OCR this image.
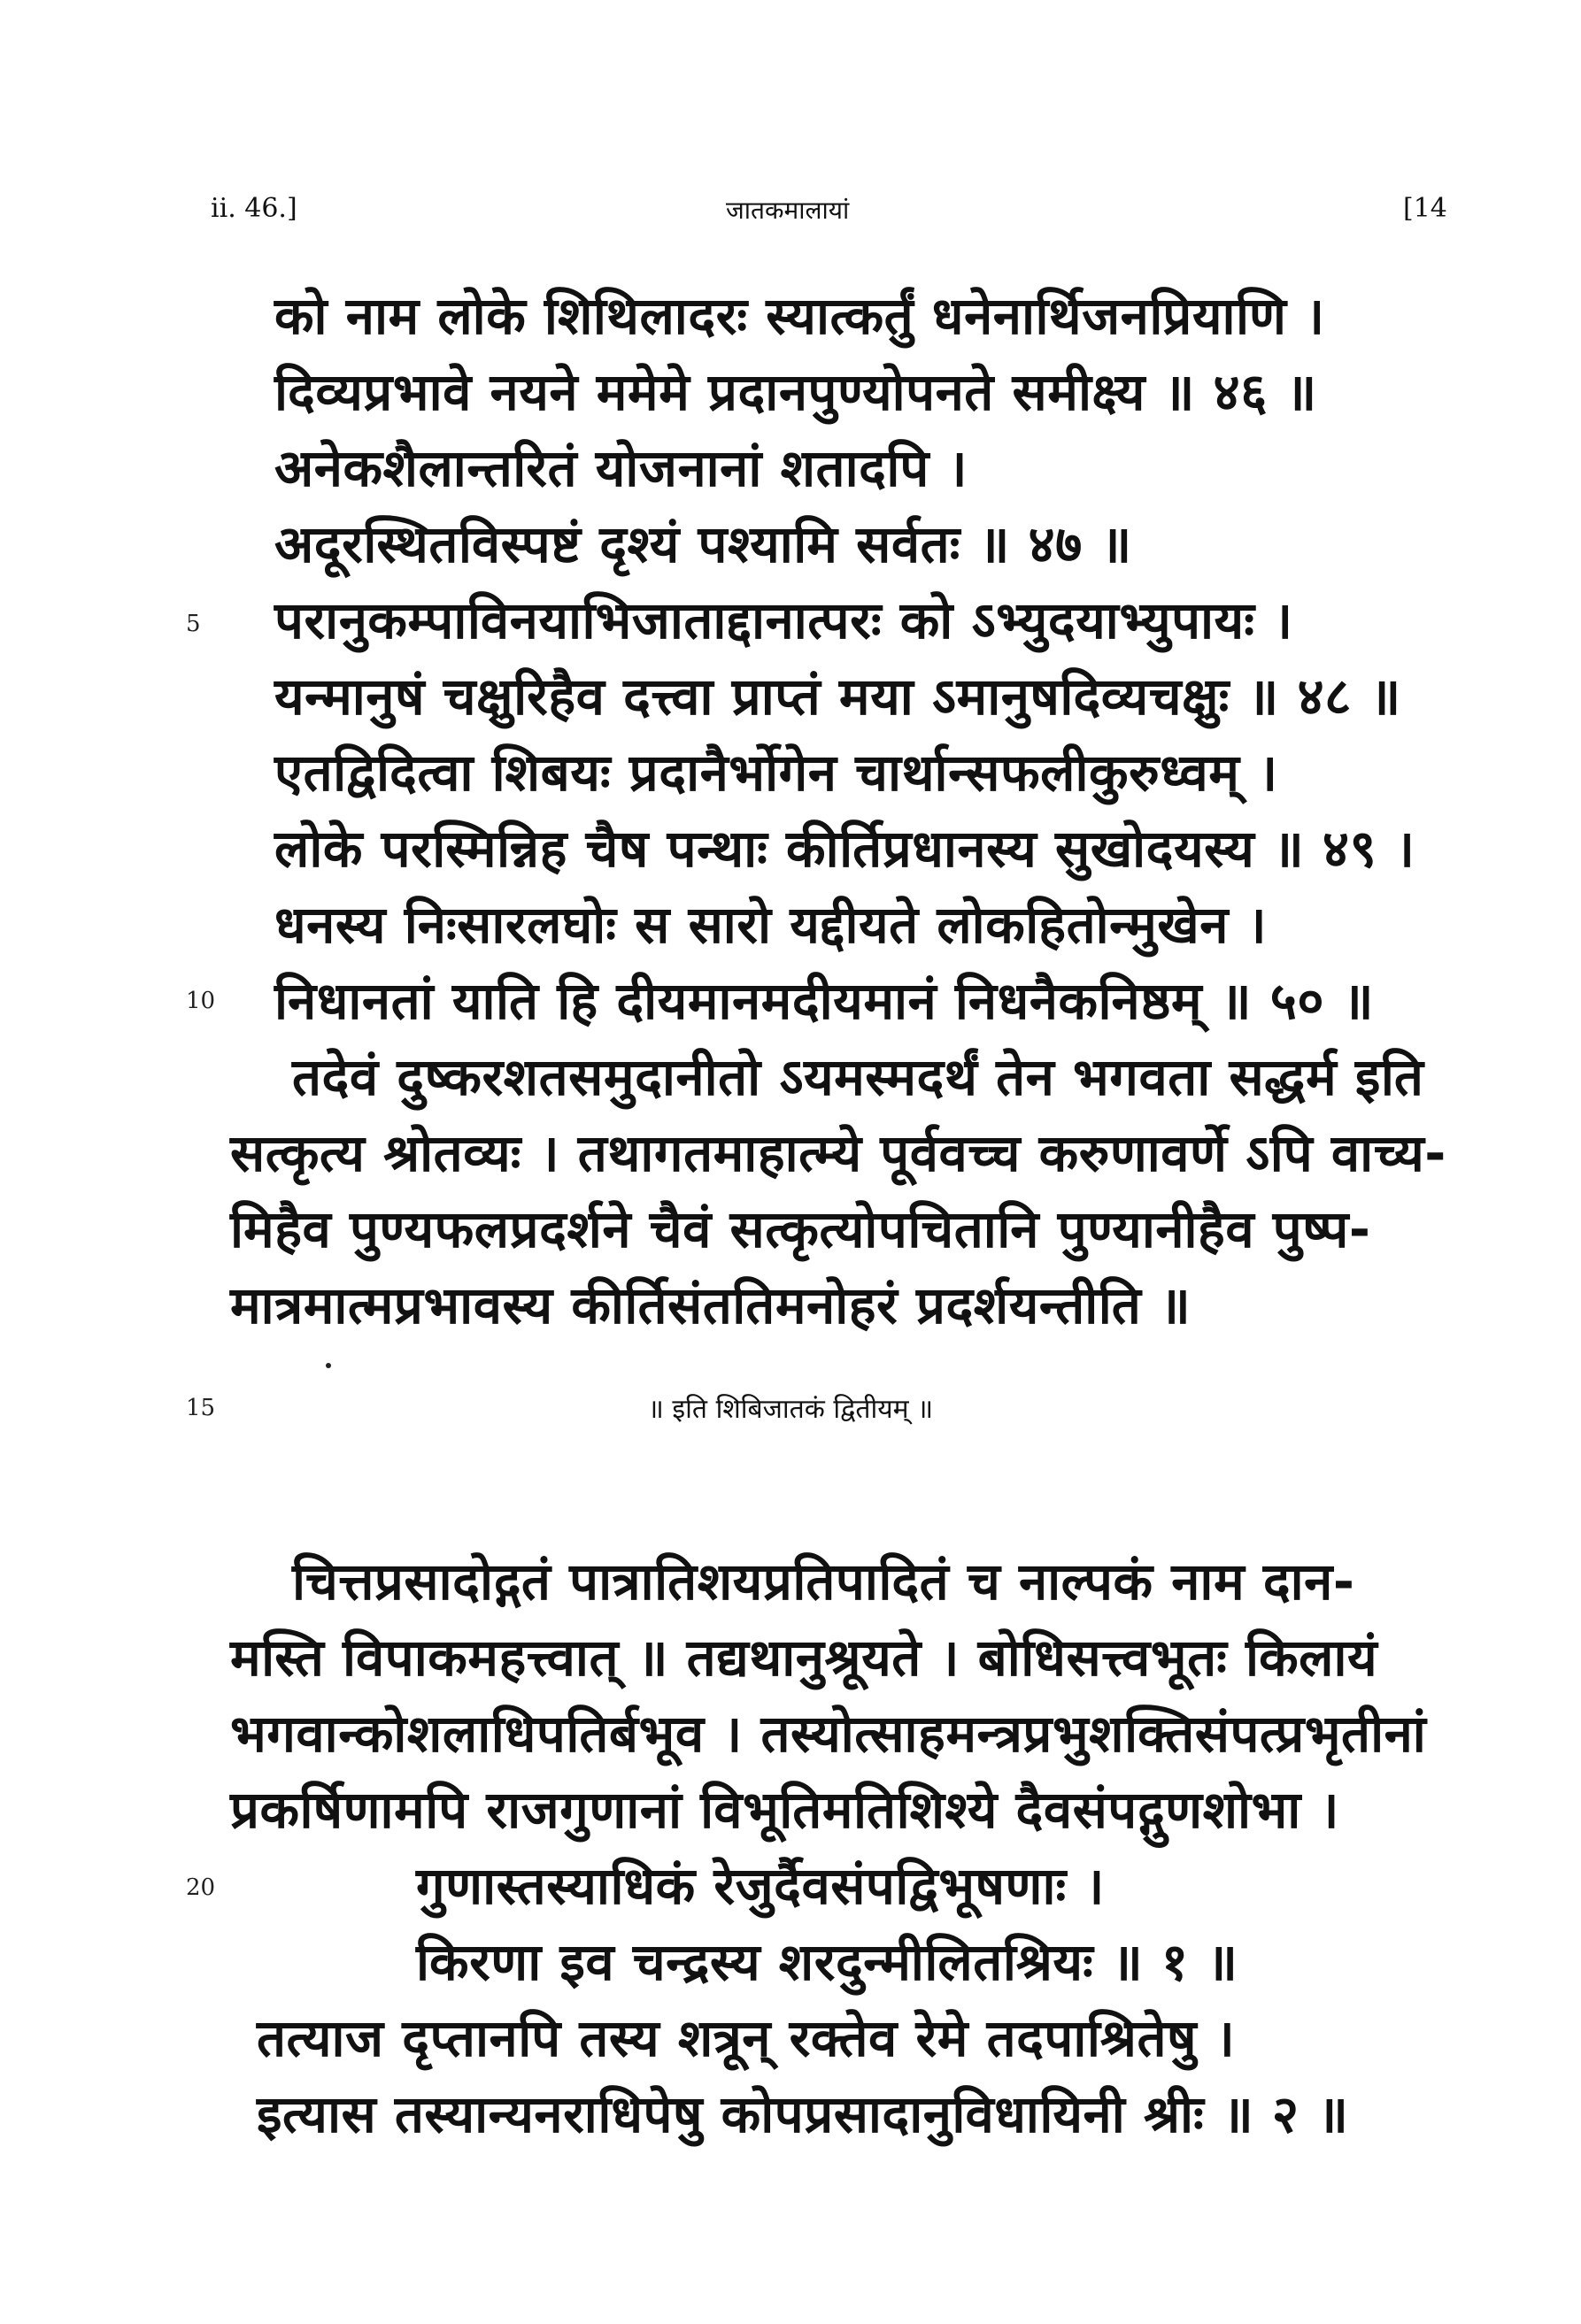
ii. 46.]	जातकमालायां	[14
को नाम लोके शिथिलादरः स्यात्कर्तुं धनेनार्थिजनप्रियाणि ।
दिव्यप्रभावे नयने ममेमे प्रदानपुण्योपनते समीक्ष्य ॥ ४६ ॥
अनेकशैलान्तरितं योजनानां शतादपि ।
अदूरस्थितविस्पष्टं दृश्यं पश्यामि सर्वतः ॥ ४७ ॥
5 परानुकम्पाविनयाभिजाताद्दानात्परः को ऽभ्युदयाभ्युपायः ।
यन्मानुषं चक्षुरिहैव दत्त्वा प्राप्तं मया ऽमानुषदिव्यचक्षुः ॥ ४८ ॥
एतद्विदित्वा शिबयः प्रदानैर्भोगेन चार्थान्सफलीकुरुध्वम् ।
लोके परस्मिन्निह चैष पन्थाः कीर्तिप्रधानस्य सुखोदयस्य ॥ ४९ ।
धनस्य निःसारलघोः स सारो यद्दीयते लोकहितोन्मुखेन ।
10 निधानतां याति हि दीयमानमदीयमानं निधनैकनिष्ठम् ॥ ५० ॥
तदेवं दुष्करशतसमुदानीतो ऽयमस्मदर्थं तेन भगवता सद्धर्म इति
सत्कृत्य श्रोतव्यः । तथागतमाहात्म्ये पूर्ववच्च करुणावर्णे ऽपि वाच्य-
मिहैव पुण्यफलप्रदर्शने चैवं सत्कृत्योपचितानि पुण्यानीहैव पुष्प-
मात्रमात्मप्रभावस्य कीर्तिसंततिमनोहरं प्रदर्शयन्तीति ॥
15	॥ इति शिबिजातकं द्वितीयम् ॥
चित्तप्रसादोद्गतं पात्रातिशयप्रतिपादितं च नाल्पकं नाम दान-
मस्ति विपाकमहत्त्वात् ॥ तद्यथानुश्रूयते । बोधिसत्त्वभूतः किलायं
भगवान्कोशलाधिपतिर्बभूव । तस्योत्साहमन्त्रप्रभुशक्तिसंपत्प्रभृतीनां
प्रकर्षिणामपि राजगुणानां विभूतिमतिशिश्ये दैवसंपद्गुणशोभा ।
20	गुणास्तस्याधिकं रेजुर्दैवसंपद्विभूषणाः ।
किरणा इव चन्द्रस्य शरदुन्मीलितश्रियः ॥ १ ॥
तत्याज दृप्तानपि तस्य शत्रून् रक्तेव रेमे तदपाश्रितेषु ।
इत्यास तस्यान्यनराधिपेषु कोपप्रसादानुविधायिनी श्रीः ॥ २ ॥
